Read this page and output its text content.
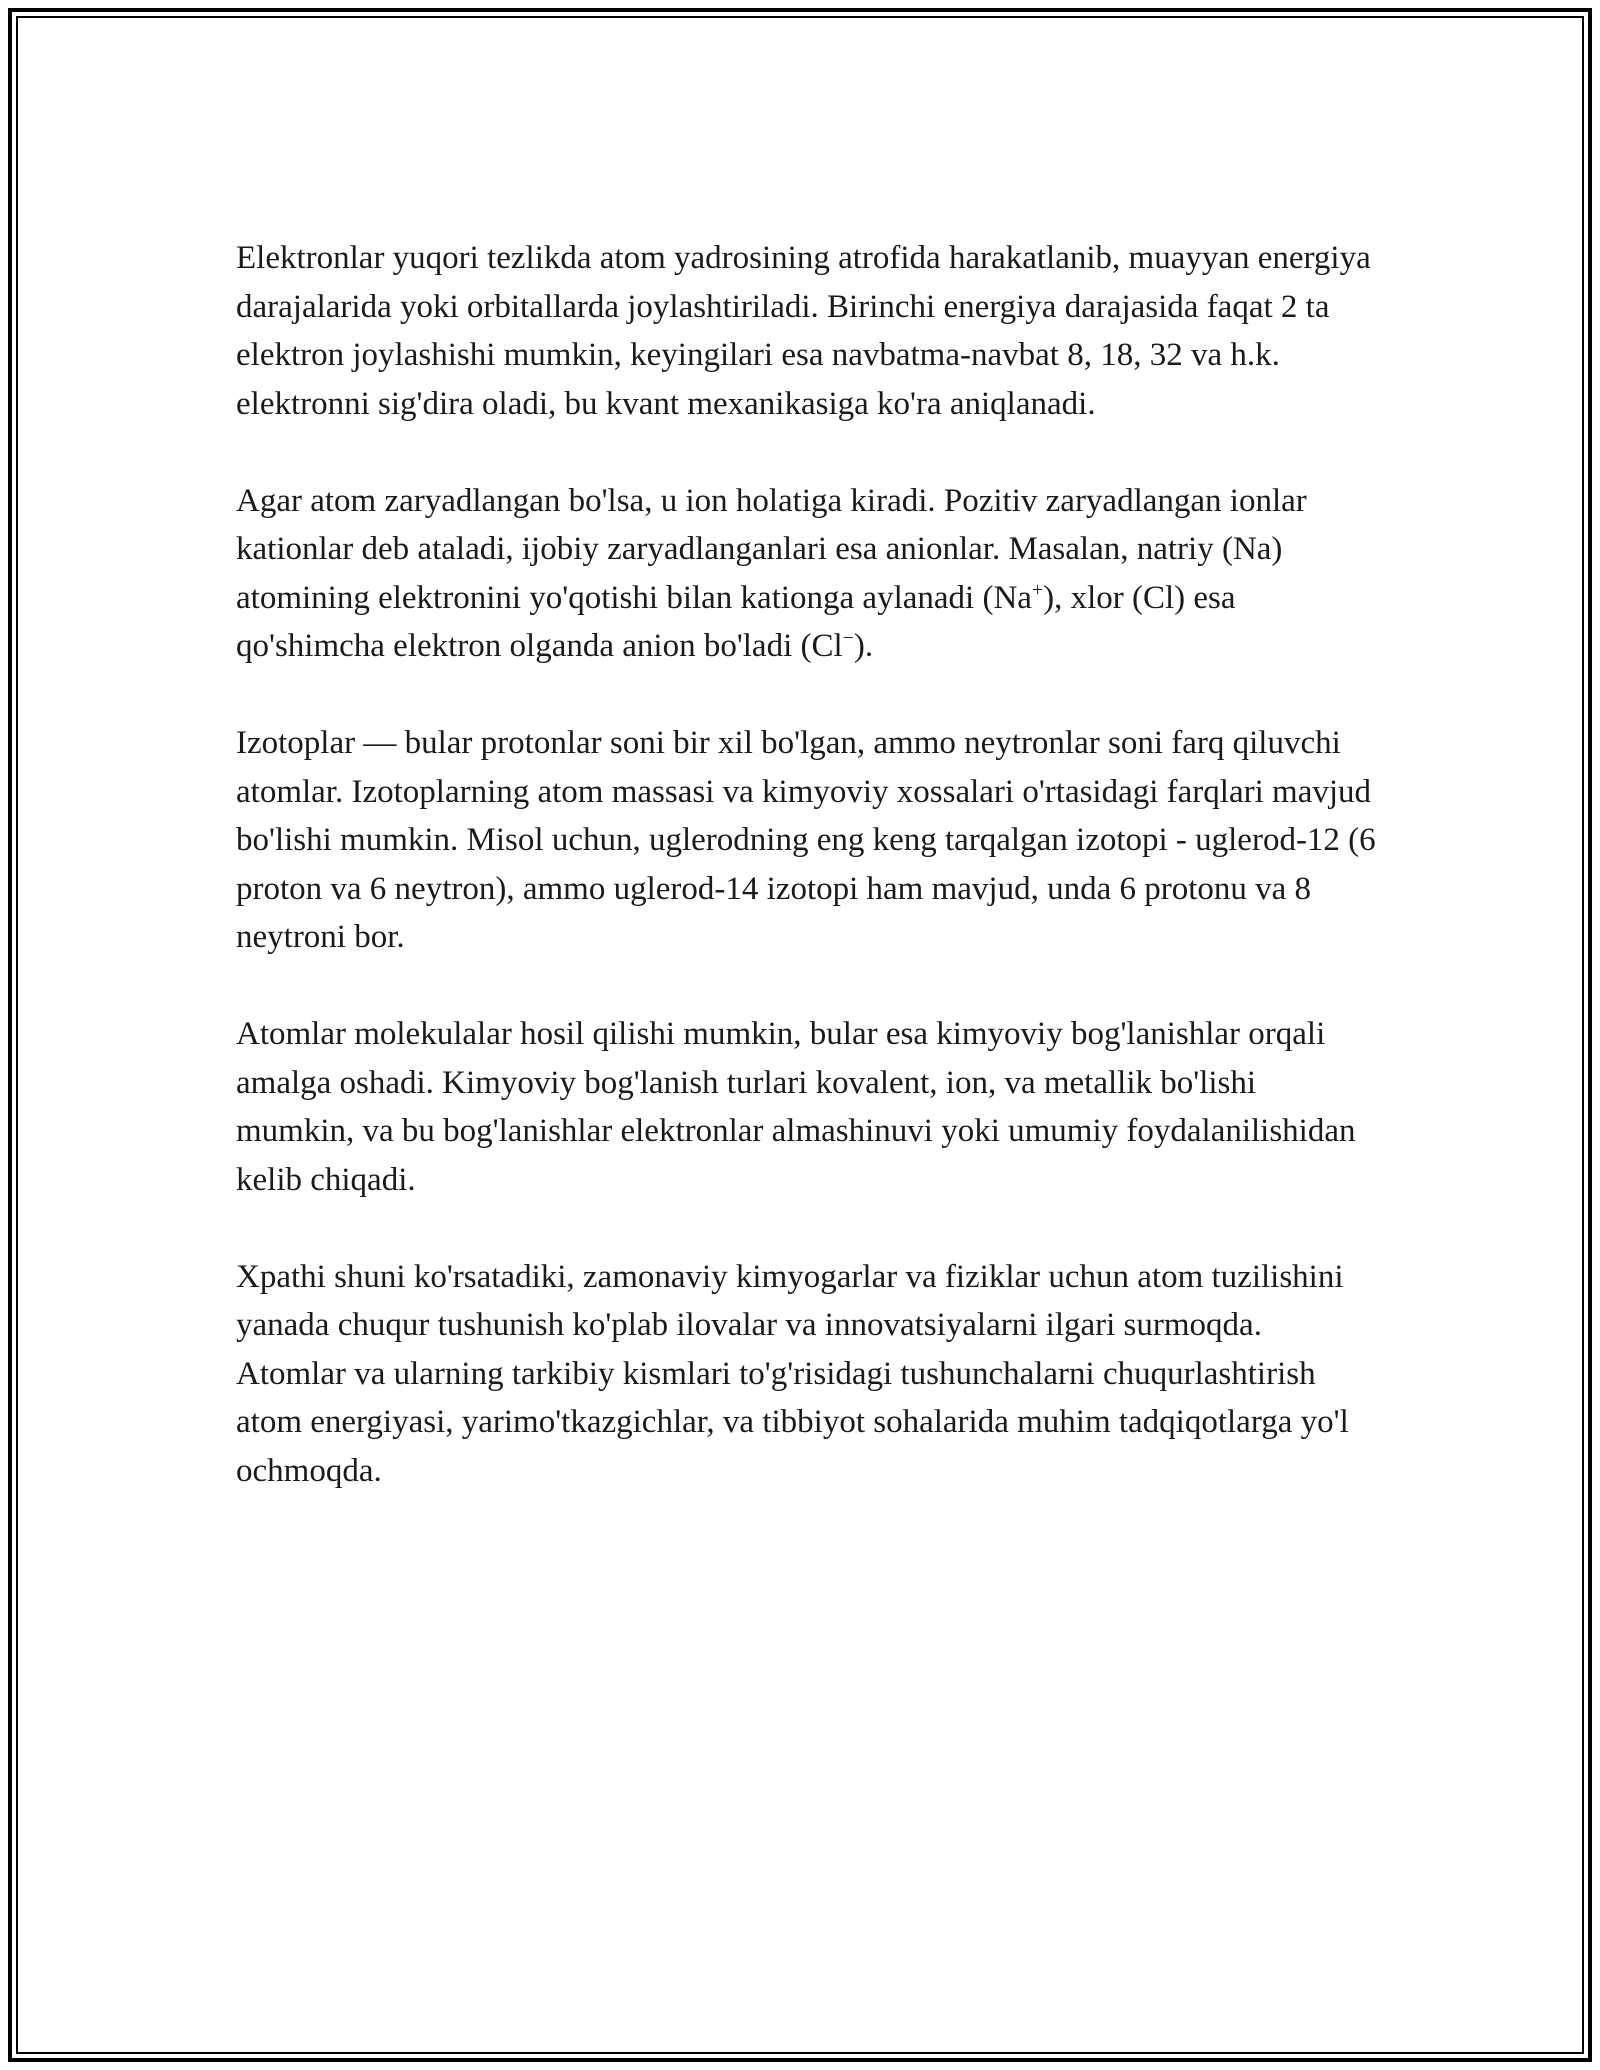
Elektronlar yuqori tezlikda atom yadrosining atrofida harakatlanib, muayyan energiya darajalarida yoki orbitallarda joylashtiriladi. Birinchi energiya darajasida faqat 2 ta elektron joylashishi mumkin, keyingilari esa navbatma-navbat 8, 18, 32 va h.k. elektronni sig'dira oladi, bu kvant mexanikasiga ko'ra aniqlanadi.

Agar atom zaryadlangan bo'lsa, u ion holatiga kiradi. Pozitiv zaryadlangan ionlar kationlar deb ataladi, ijobiy zaryadlanganlari esa anionlar. Masalan, natriy (Na) atomining elektronini yo'qotishi bilan kationga aylanadi (Na+), xlor (Cl) esa qo'shimcha elektron olganda anion bo'ladi (Cl−).

Izotoplar — bular protonlar soni bir xil bo'lgan, ammo neytronlar soni farq qiluvchi atomlar. Izotoplarning atom massasi va kimyoviy xossalari o'rtasidagi farqlari mavjud bo'lishi mumkin. Misol uchun, uglerodning eng keng tarqalgan izotopi - uglerod-12 (6 proton va 6 neytron), ammo uglerod-14 izotopi ham mavjud, unda 6 protonu va 8 neytroni bor.

Atomlar molekulalar hosil qilishi mumkin, bular esa kimyoviy bog'lanishlar orqali amalga oshadi. Kimyoviy bog'lanish turlari kovalent, ion, va metallik bo'lishi mumkin, va bu bog'lanishlar elektronlar almashinuvi yoki umumiy foydalanilishidan kelib chiqadi.

Xpathi shuni ko'rsatadiki, zamonaviy kimyogarlar va fiziklar uchun atom tuzilishini yanada chuqur tushunish ko'plab ilovalar va innovatsiyalarni ilgari surmoqda. Atomlar va ularning tarkibiy kismlari to'g'risidagi tushunchalarni chuqurlashtirish atom energiyasi, yarimo'tkazgichlar, va tibbiyot sohalarida muhim tadqiqotlarga yo'l ochmoqda.
